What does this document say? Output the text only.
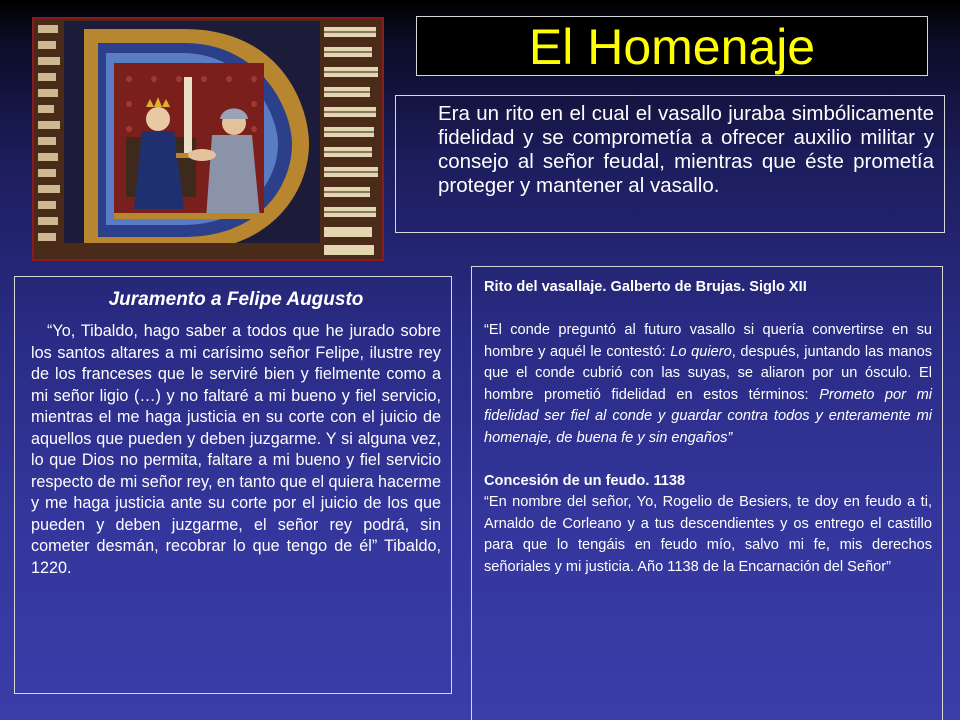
El Homenaje

Era un rito en el cual el vasallo juraba simbólicamente fidelidad y se comprometía a ofrecer auxilio militar y consejo al señor feudal, mientras que éste prometía proteger y mantener al vasallo.

Juramento a Felipe Augusto

“Yo, Tibaldo, hago saber a todos que he jurado sobre los santos altares a mi carísimo señor Felipe, ilustre rey de los franceses que le serviré bien y fielmente como a mi señor ligio (…) y no faltaré a mi bueno y fiel servicio, mientras el me haga justicia en su corte con el juicio de aquellos que pueden y deben juzgarme. Y si alguna vez, lo que Dios no permita, faltare a mi bueno y fiel servicio respecto de mi señor rey, en tanto que el quiera hacerme y me haga justicia ante su corte por el juicio de los que pueden y deben juzgarme, el señor rey podrá, sin cometer desmán, recobrar lo que tengo de él” Tibaldo, 1220.

Rito del vasallaje. Galberto de Brujas. Siglo XII

“El conde preguntó al futuro vasallo si quería convertirse en su hombre y aquél le contestó: Lo quiero, después, juntando las manos que el conde cubrió con las suyas, se aliaron por un ósculo. El hombre prometió fidelidad en estos términos: Prometo por mi fidelidad ser fiel al conde y guardar contra todos y enteramente mi homenaje, de buena fe y sin engaños”

Concesión de un feudo. 1138

“En nombre del señor, Yo, Rogelio de Besiers, te doy en feudo a ti, Arnaldo de Corleano y a tus descendientes y os entrego el castillo para que lo tengáis en feudo mío, salvo mi fe, mis derechos señoriales y mi justicia. Año 1138 de la Encarnación del Señor”
